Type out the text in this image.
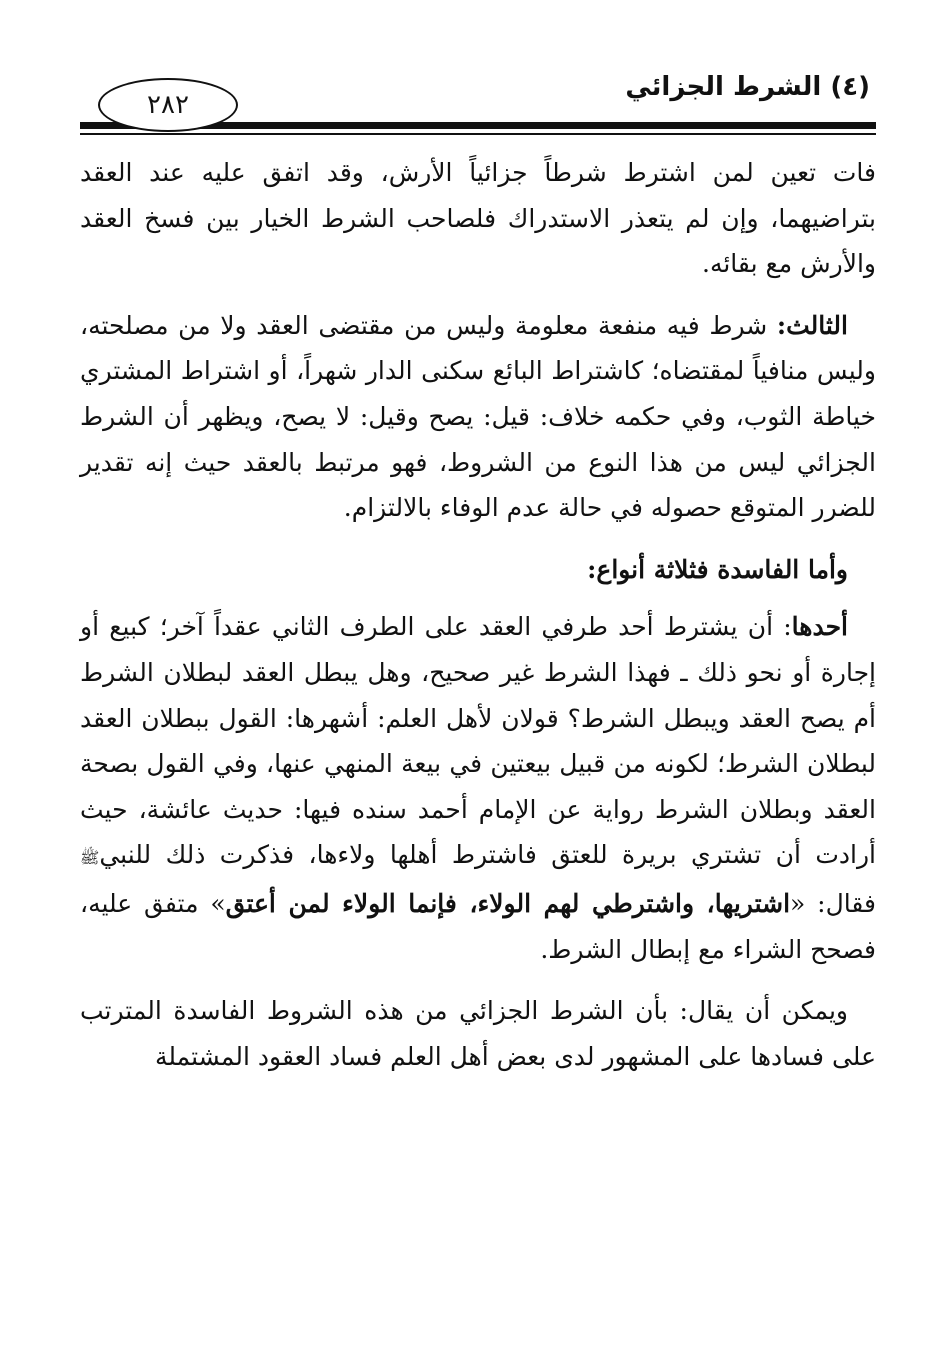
٢٨٢
(٤) الشرط الجزائي

فات تعين لمن اشترط شرطاً جزائياً الأرش، وقد اتفق عليه عند العقد بتراضيهما، وإن لم يتعذر الاستدراك فلصاحب الشرط الخيار بين فسخ العقد والأرش مع بقائه.

الثالث: شرط فيه منفعة معلومة وليس من مقتضى العقد ولا من مصلحته، وليس منافياً لمقتضاه؛ كاشتراط البائع سكنى الدار شهراً، أو اشتراط المشتري خياطة الثوب، وفي حكمه خلاف: قيل: يصح وقيل: لا يصح، ويظهر أن الشرط الجزائي ليس من هذا النوع من الشروط، فهو مرتبط بالعقد حيث إنه تقدير للضرر المتوقع حصوله في حالة عدم الوفاء بالالتزام.

وأما الفاسدة فثلاثة أنواع:

أحدها: أن يشترط أحد طرفي العقد على الطرف الثاني عقداً آخر؛ كبيع أو إجارة أو نحو ذلك ـ فهذا الشرط غير صحيح، وهل يبطل العقد لبطلان الشرط أم يصح العقد ويبطل الشرط؟ قولان لأهل العلم: أشهرها: القول ببطلان العقد لبطلان الشرط؛ لكونه من قبيل بيعتين في بيعة المنهي عنها، وفي القول بصحة العقد وبطلان الشرط رواية عن الإمام أحمد سنده فيها: حديث عائشة، حيث أرادت أن تشتري بريرة للعتق فاشترط أهلها ولاءها، فذكرت ذلك للنبيﷺ فقال: «اشتريها، واشترطي لهم الولاء، فإنما الولاء لمن أعتق» متفق عليه، فصحح الشراء مع إبطال الشرط.

ويمكن أن يقال: بأن الشرط الجزائي من هذه الشروط الفاسدة المترتب على فسادها على المشهور لدى بعض أهل العلم فساد العقود المشتملة
